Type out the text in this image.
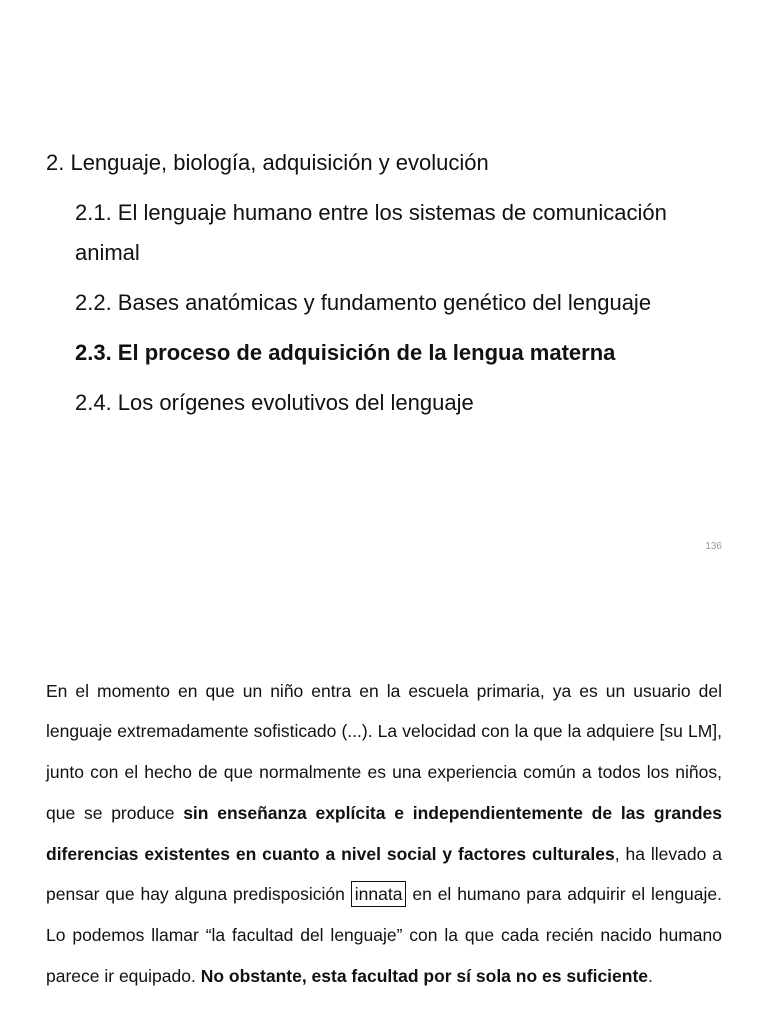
2. Lenguaje, biología, adquisición y evolución
2.1. El lenguaje humano entre los sistemas de comunicación
animal
2.2. Bases anatómicas y fundamento genético del lenguaje
2.3. El proceso de adquisición de la lengua materna
2.4. Los orígenes evolutivos del lenguaje
136

En el momento en que un niño entra en la escuela primaria, ya es un usuario del lenguaje extremadamente sofisticado (...). La velocidad con la que la adquiere [su LM], junto con el hecho de que normalmente es una experiencia común a todos los niños, que se produce sin enseñanza explícita e independientemente de las grandes diferencias existentes en cuanto a nivel social y factores culturales, ha llevado a pensar que hay alguna predisposición innata en el humano para adquirir el lenguaje. Lo podemos llamar “la facultad del lenguaje” con la que cada recién nacido humano parece ir equipado. No obstante, esta facultad por sí sola no es suficiente.
